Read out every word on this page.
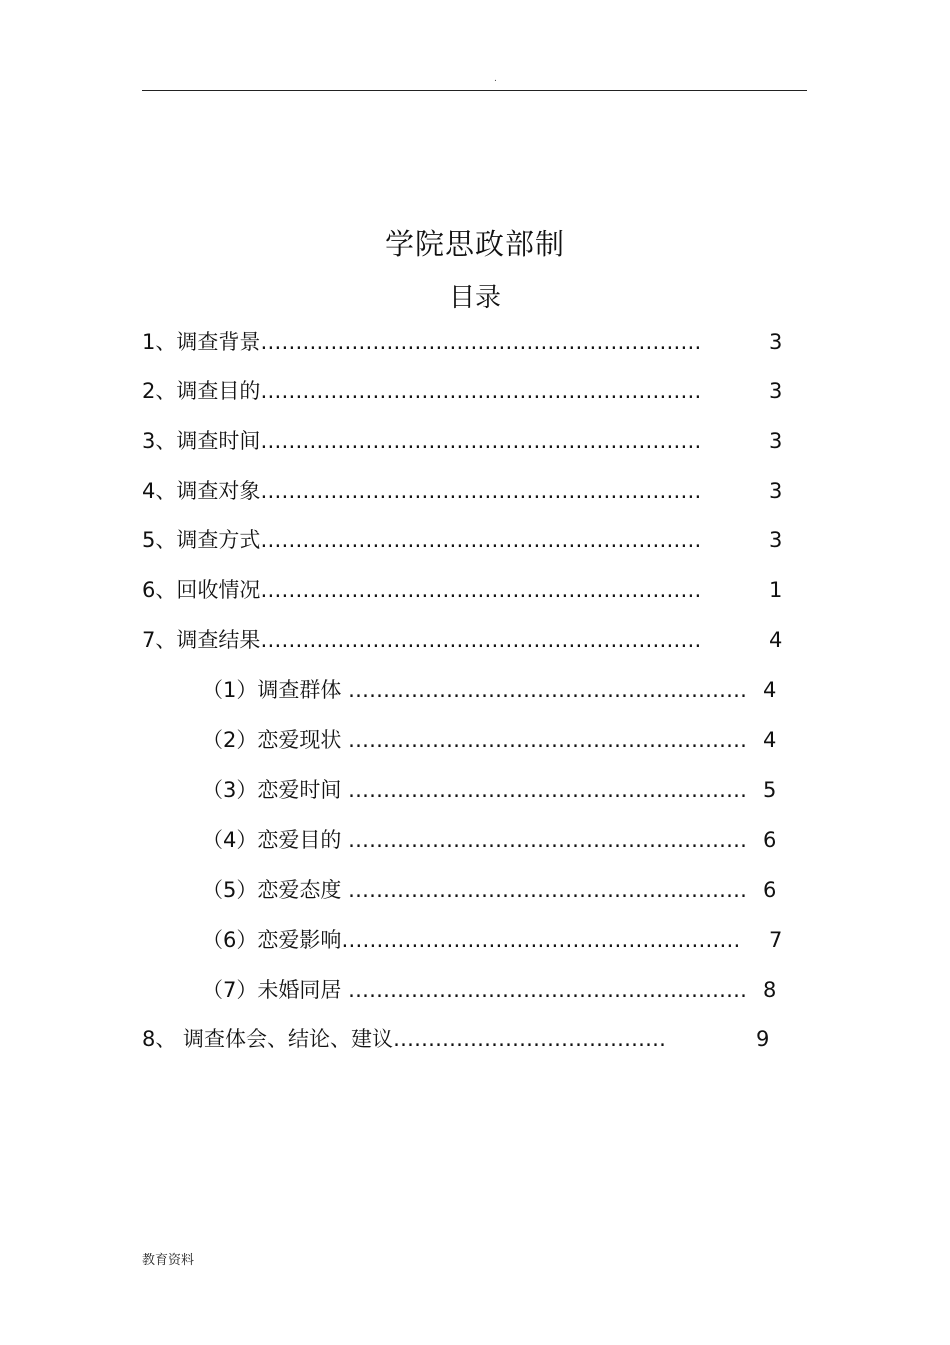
.
学院思政部制
目录
1、调查背景………………………………………………………	3
2、调查目的………………………………………………………	3
3、调查时间………………………………………………………	3
4、调查对象………………………………………………………	3
5、调查方式………………………………………………………	3
6、回收情况………………………………………………………	1
7、调查结果………………………………………………………	4
（1）调查群体 ………………………………………………… 4
（2）恋爱现状 ………………………………………………… 4
（3）恋爱时间 ………………………………………………… 5
（4）恋爱目的 ………………………………………………… 6
（5）恋爱态度 ………………………………………………… 6
（6）恋爱影响………………………………………………… 7
（7）未婚同居 ………………………………………………… 8
8、 调查体会、结论、建议…………………………………	9
教育资料
